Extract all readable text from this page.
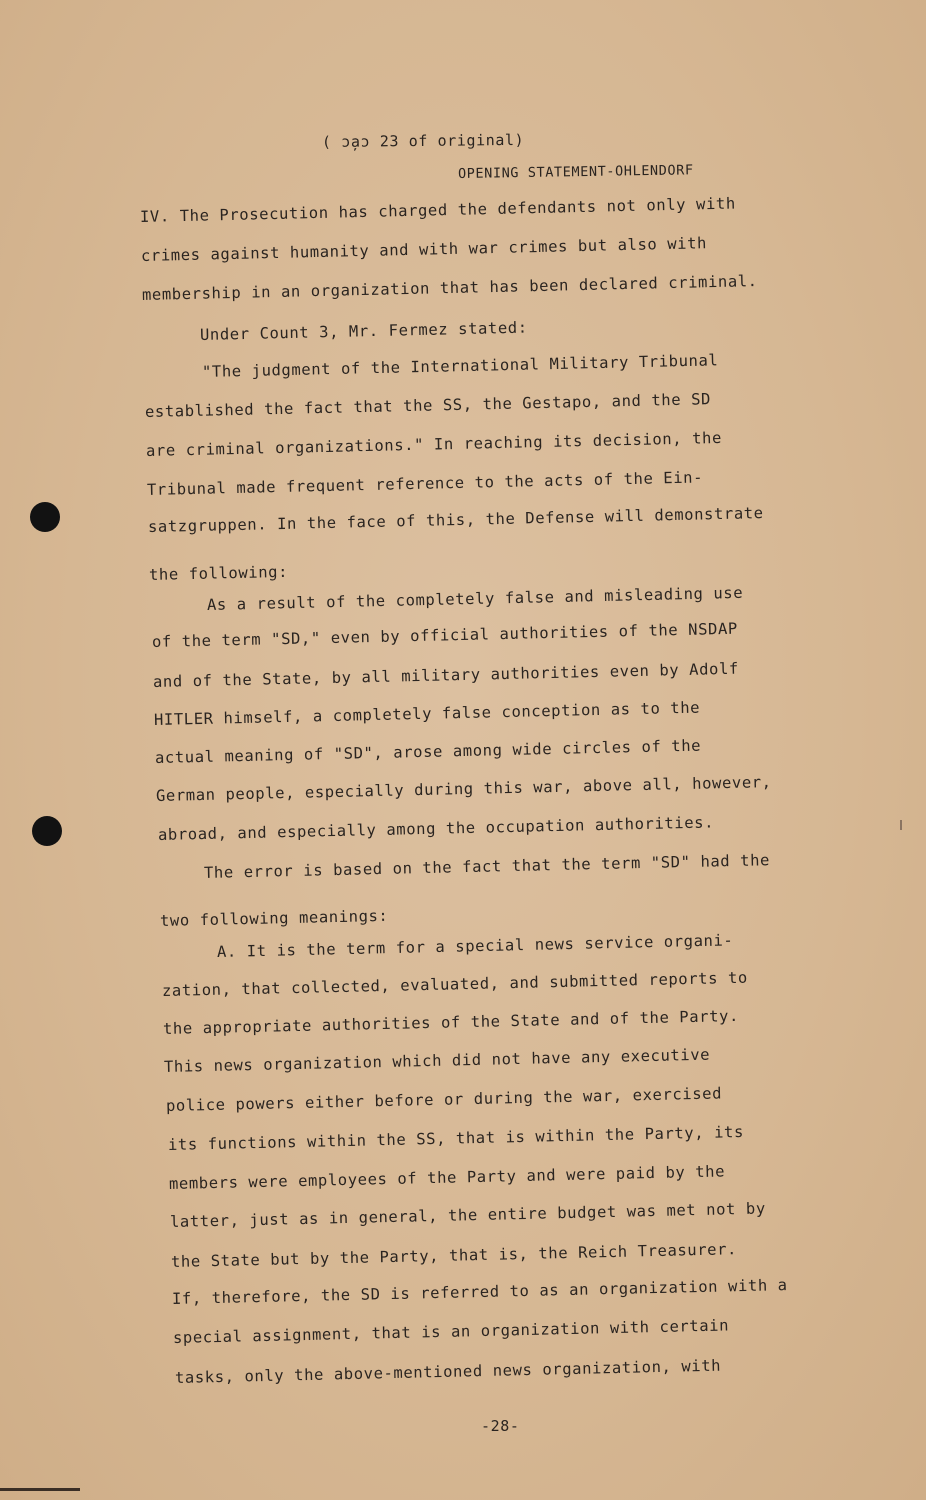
( ɔa̦ɔ 23 of original)
OPENING STATEMENT-OHLENDORF
IV. The Prosecution has charged the defendants not only with
crimes against humanity and with war crimes but also with
membership in an organization that has been declared criminal.
Under Count 3, Mr. Fermez stated:
"The judgment of the International Military Tribunal
established the fact that the SS, the Gestapo, and the SD
are criminal organizations." In reaching its decision, the
Tribunal made frequent reference to the acts of the Ein-
satzgruppen. In the face of this, the Defense will demonstrate
the following:
As a result of the completely false and misleading use
of the term "SD," even by official authorities of the NSDAP
and of the State, by all military authorities even by Adolf
HITLER himself, a completely false conception as to the
actual meaning of "SD", arose among wide circles of the
German people, especially during this war, above all, however,
abroad, and especially among the occupation authorities.
The error is based on the fact that the term "SD" had the
two following meanings:
A. It is the term for a special news service organi-
zation, that collected, evaluated, and submitted reports to
the appropriate authorities of the State and of the Party.
This news organization which did not have any executive
police powers either before or during the war, exercised
its functions within the SS, that is within the Party, its
members were employees of the Party and were paid by the
latter, just as in general, the entire budget was met not by
the State but by the Party, that is, the Reich Treasurer.
If, therefore, the SD is referred to as an organization with a
special assignment, that is an organization with certain
tasks, only the above-mentioned news organization, with
-28-
